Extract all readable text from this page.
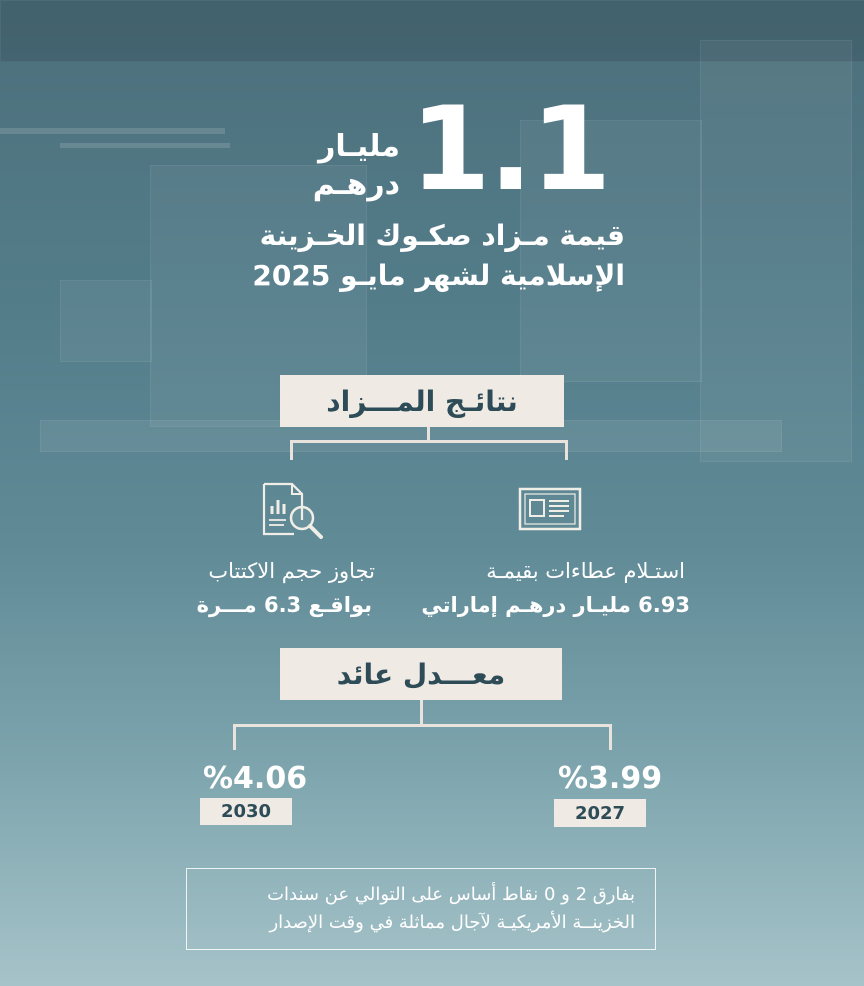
1.1
مليـار
درهـم
قيمة مـزاد صكـوك الخـزينة
الإسلامية لشهر مايـو 2025
نتائـج المـــزاد
استـلام عطاءات بقيمـة
6.93 مليـار درهـم إماراتي
تجاوز حجم الاكتتاب
بواقـع 6.3 مـــرة
معـــدل عائد
%3.99
2027
%4.06
2030
بفارق 2 و 0 نقاط أساس على التوالي عن سندات
الخزينــة الأمريكيـة لآجال مماثلة في وقت الإصدار
